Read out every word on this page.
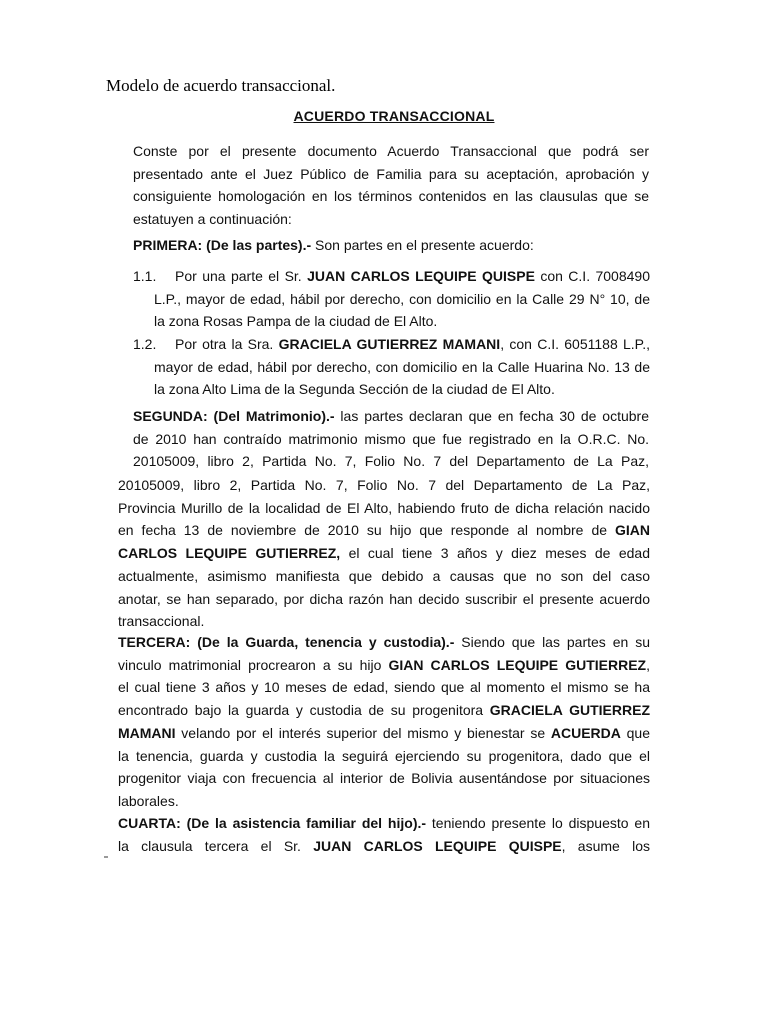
Modelo de acuerdo transaccional.
ACUERDO TRANSACCIONAL
Conste por el presente documento Acuerdo Transaccional que podrá ser
presentado ante el Juez Público de Familia para su aceptación, aprobación y
consiguiente homologación en los términos contenidos en las clausulas que se
estatuyen a continuación:
PRIMERA: (De las partes).- Son partes en el presente acuerdo:
1.1.	Por una parte el Sr. JUAN CARLOS LEQUIPE QUISPE con C.I. 7008490
L.P., mayor de edad, hábil por derecho, con domicilio en la Calle 29 N° 10, de
la zona Rosas Pampa de la ciudad de El Alto.
1.2.	Por otra la Sra. GRACIELA GUTIERREZ MAMANI, con C.I. 6051188 L.P.,
mayor de edad, hábil por derecho, con domicilio en la Calle Huarina No. 13 de
la zona Alto Lima de la Segunda Sección de la ciudad de El Alto.
SEGUNDA: (Del Matrimonio).- las partes declaran que en fecha 30 de octubre
de 2010 han contraído matrimonio mismo que fue registrado en la O.R.C. No.
20105009, libro 2, Partida No. 7, Folio No. 7 del Departamento de La Paz,
20105009, libro 2, Partida No. 7, Folio No. 7 del Departamento de La Paz,
Provincia Murillo de la localidad de El Alto, habiendo fruto de dicha relación nacido
en fecha 13 de noviembre de 2010 su hijo que responde al nombre de GIAN
CARLOS LEQUIPE GUTIERREZ, el cual tiene 3 años y diez meses de edad
actualmente, asimismo manifiesta que debido a causas que no son del caso
anotar, se han separado, por dicha razón han decido suscribir el presente acuerdo
transaccional.
TERCERA: (De la Guarda, tenencia y custodia).- Siendo que las partes en su
vinculo matrimonial procrearon a su hijo GIAN CARLOS LEQUIPE GUTIERREZ,
el cual tiene 3 años y 10 meses de edad, siendo que al momento el mismo se ha
encontrado bajo la guarda y custodia de su progenitora GRACIELA GUTIERREZ
MAMANI velando por el interés superior del mismo y bienestar se ACUERDA que
la tenencia, guarda y custodia la seguirá ejerciendo su progenitora, dado que el
progenitor viaja con frecuencia al interior de Bolivia ausentándose por situaciones
laborales.
CUARTA: (De la asistencia familiar del hijo).- teniendo presente lo dispuesto en
la clausula tercera el Sr. JUAN CARLOS LEQUIPE QUISPE, asume los
